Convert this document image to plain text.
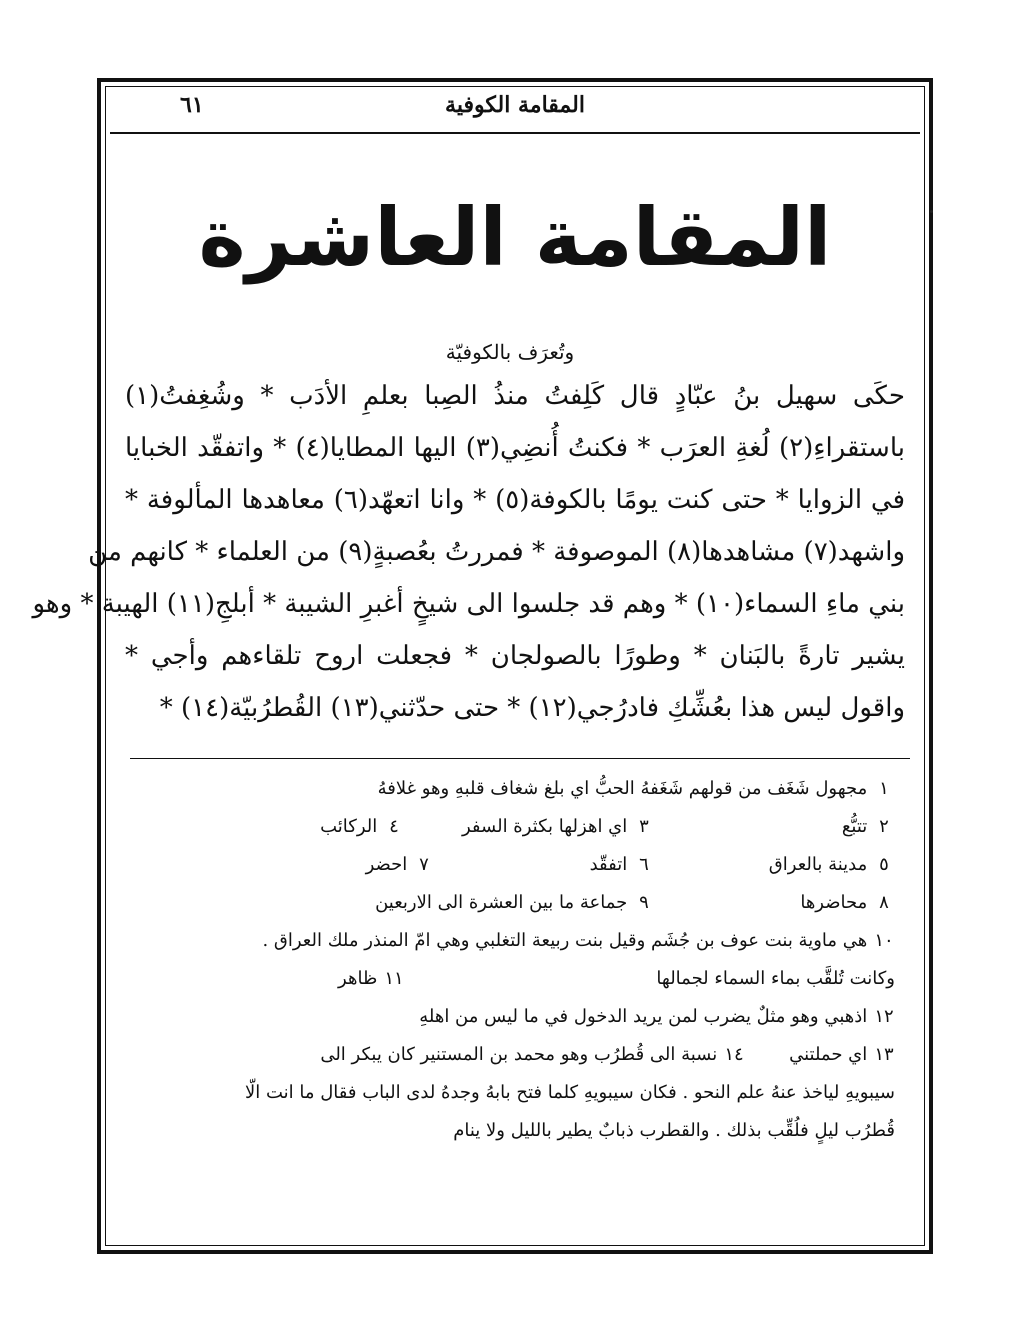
المقامة الكوفية
٦١
المقامة العاشرة
وتُعرَف بالكوفيّة
حكَى سهيل بنُ عبّادٍ قال كَلِفتُ منذُ الصِبا بعلمِ الأدَب * وشُغِفتُ(١)
باستقراءِ(٢) لُغةِ العرَب * فكنتُ أُنضِي(٣) اليها المطايا(٤) * واتفقّد الخبايا
في الزوايا * حتى كنت يومًا بالكوفة(٥) * وانا اتعهّد(٦) معاهدها المألوفة *
واشهد(٧) مشاهدها(٨) الموصوفة * فمررتُ بعُصبةٍ(٩) من العلماء * كانهم من
بني ماءِ السماء(١٠) * وهم قد جلسوا الى شيخٍ أغبرِ الشيبة * أبلجِ(١١) الهيبة * وهو
يشير تارةً بالبَنان * وطورًا بالصولجان * فجعلت اروح تلقاءهم وأجي *
واقول ليس هذا بعُشِّكِ فادرُجي(١٢) * حتى حدّثني(١٣) القُطرُبيّة(١٤) *
١ مجهول شَغَف من قولهم شَغَفهُ الحبُّ اي بلغ شغاف قلبهِ وهو غلافهُ
٢ تتبُّع
٣ اي اهزلها بكثرة السفر
٤ الركائب
٥ مدينة بالعراق
٦ اتفقّد
٧ احضر
٨ محاضرها
٩ جماعة ما بين العشرة الى الاربعين
١٠ هي ماوية بنت عوف بن جُشَم وقيل بنت ربيعة التغلبي وهي امّ المنذر ملك العراق .
وكانت تُلقَّب بماء السماء لجمالها
١١ ظاهر
١٢ اذهبي وهو مثلٌ يضرب لمن يريد الدخول في ما ليس من اهلهِ
١٣ اي حملتني
١٤ نسبة الى قُطرُب وهو محمد بن المستنير كان يبكر الى
سيبويهِ لياخذ عنهُ علم النحو . فكان سيبويهِ كلما فتح بابهُ وجدهُ لدى الباب فقال ما انت الّا
قُطرُب ليلٍ فلُقِّب بذلك . والقطرب ذبابٌ يطير بالليل ولا ينام
